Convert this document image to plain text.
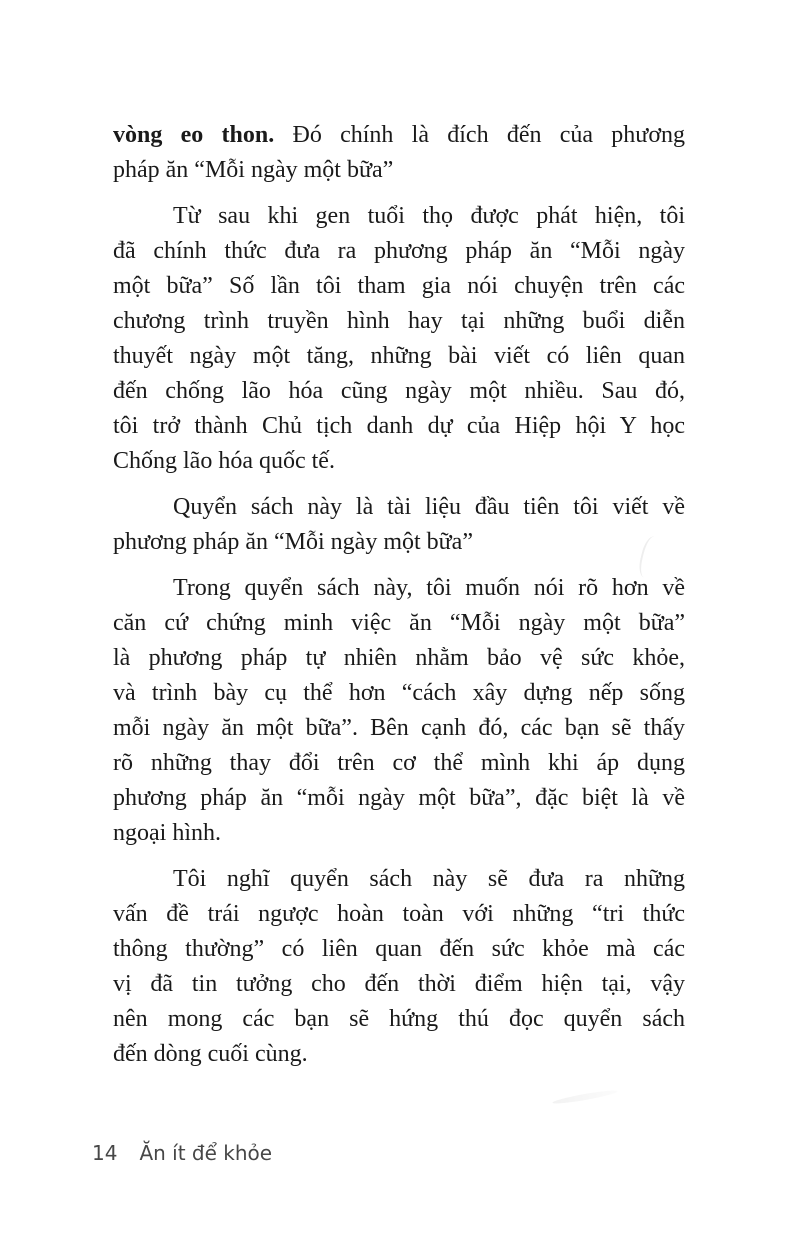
vòng eo thon. Đó chính là đích đến của phương
pháp ăn “Mỗi ngày một bữa”

Từ sau khi gen tuổi thọ được phát hiện, tôi
đã chính thức đưa ra phương pháp ăn “Mỗi ngày
một bữa” Số lần tôi tham gia nói chuyện trên các
chương trình truyền hình hay tại những buổi diễn
thuyết ngày một tăng, những bài viết có liên quan
đến chống lão hóa cũng ngày một nhiều. Sau đó,
tôi trở thành Chủ tịch danh dự của Hiệp hội Y học
Chống lão hóa quốc tế.

Quyển sách này là tài liệu đầu tiên tôi viết về
phương pháp ăn “Mỗi ngày một bữa”

Trong quyển sách này, tôi muốn nói rõ hơn về
căn cứ chứng minh việc ăn “Mỗi ngày một bữa”
là phương pháp tự nhiên nhằm bảo vệ sức khỏe,
và trình bày cụ thể hơn “cách xây dựng nếp sống
mỗi ngày ăn một bữa”. Bên cạnh đó, các bạn sẽ thấy
rõ những thay đổi trên cơ thể mình khi áp dụng
phương pháp ăn “mỗi ngày một bữa”, đặc biệt là về
ngoại hình.

Tôi nghĩ quyển sách này sẽ đưa ra những
vấn đề trái ngược hoàn toàn với những “tri thức
thông thường” có liên quan đến sức khỏe mà các
vị đã tin tưởng cho đến thời điểm hiện tại, vậy
nên mong các bạn sẽ hứng thú đọc quyển sách
đến dòng cuối cùng.

14 Ăn ít để khỏe
